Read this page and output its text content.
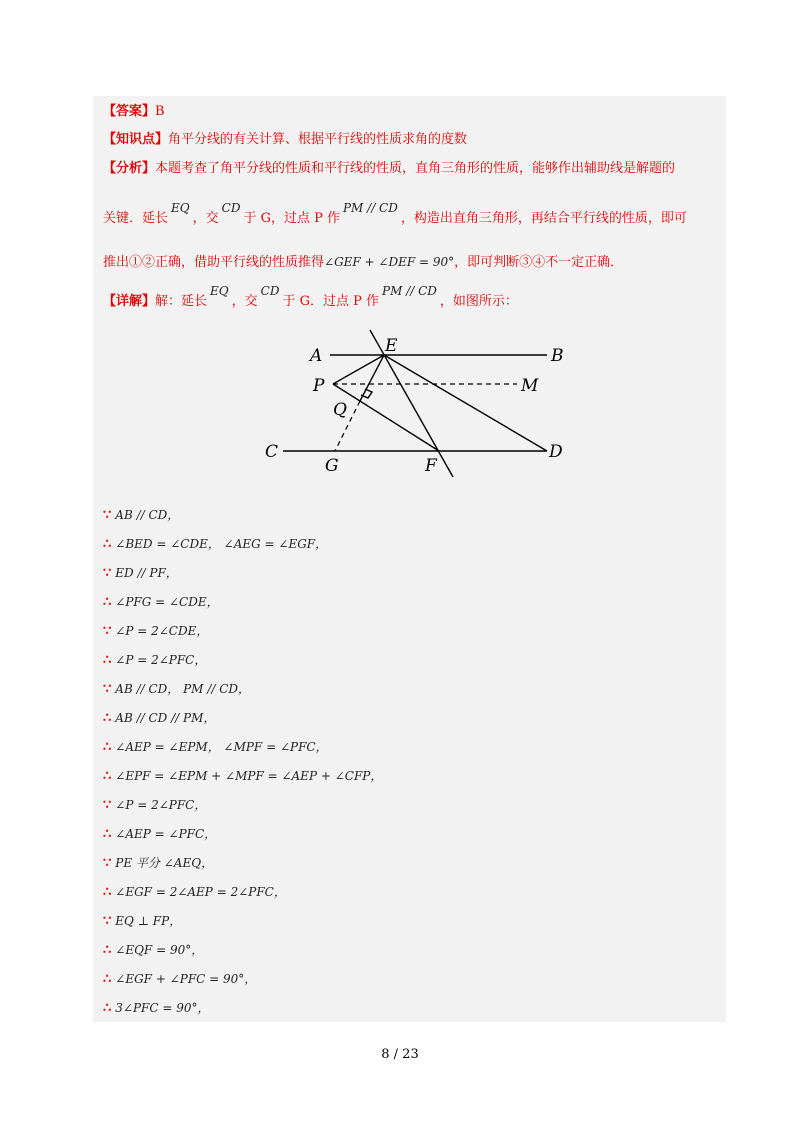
【答案】B
【知识点】角平分线的有关计算、根据平行线的性质求角的度数
【分析】本题考查了角平分线的性质和平行线的性质，直角三角形的性质，能够作出辅助线是解题的
关键．延长EQ，交CD于 G，过点 P 作PM // CD，构造出直角三角形，再结合平行线的性质，即可
推出①②正确，借助平行线的性质推得∠GEF + ∠DEF = 90°，即可判断③④不一定正确．
【详解】解：延长EQ，交CD于 G．过点 P 作PM // CD，如图所示：
A	E	B
P	M
Q
C
G	F
D
∵ AB // CD，
∴ ∠BED = ∠CDE， ∠AEG = ∠EGF，
∵ ED // PF，
∴ ∠PFG = ∠CDE，
∵ ∠P = 2∠CDE，
∴ ∠P = 2∠PFC，
∵ AB // CD， PM // CD，
∴ AB // CD // PM，
∴ ∠AEP = ∠EPM， ∠MPF = ∠PFC，
∴ ∠EPF = ∠EPM + ∠MPF = ∠AEP + ∠CFP，
∵ ∠P = 2∠PFC，
∴ ∠AEP = ∠PFC，
∵ PE 平分 ∠AEQ，
∴ ∠EGF = 2∠AEP = 2∠PFC，
∵ EQ ⊥ FP，
∴ ∠EQF = 90°，
∴ ∠EGF + ∠PFC = 90°，
∴ 3∠PFC = 90°，
8 / 23
